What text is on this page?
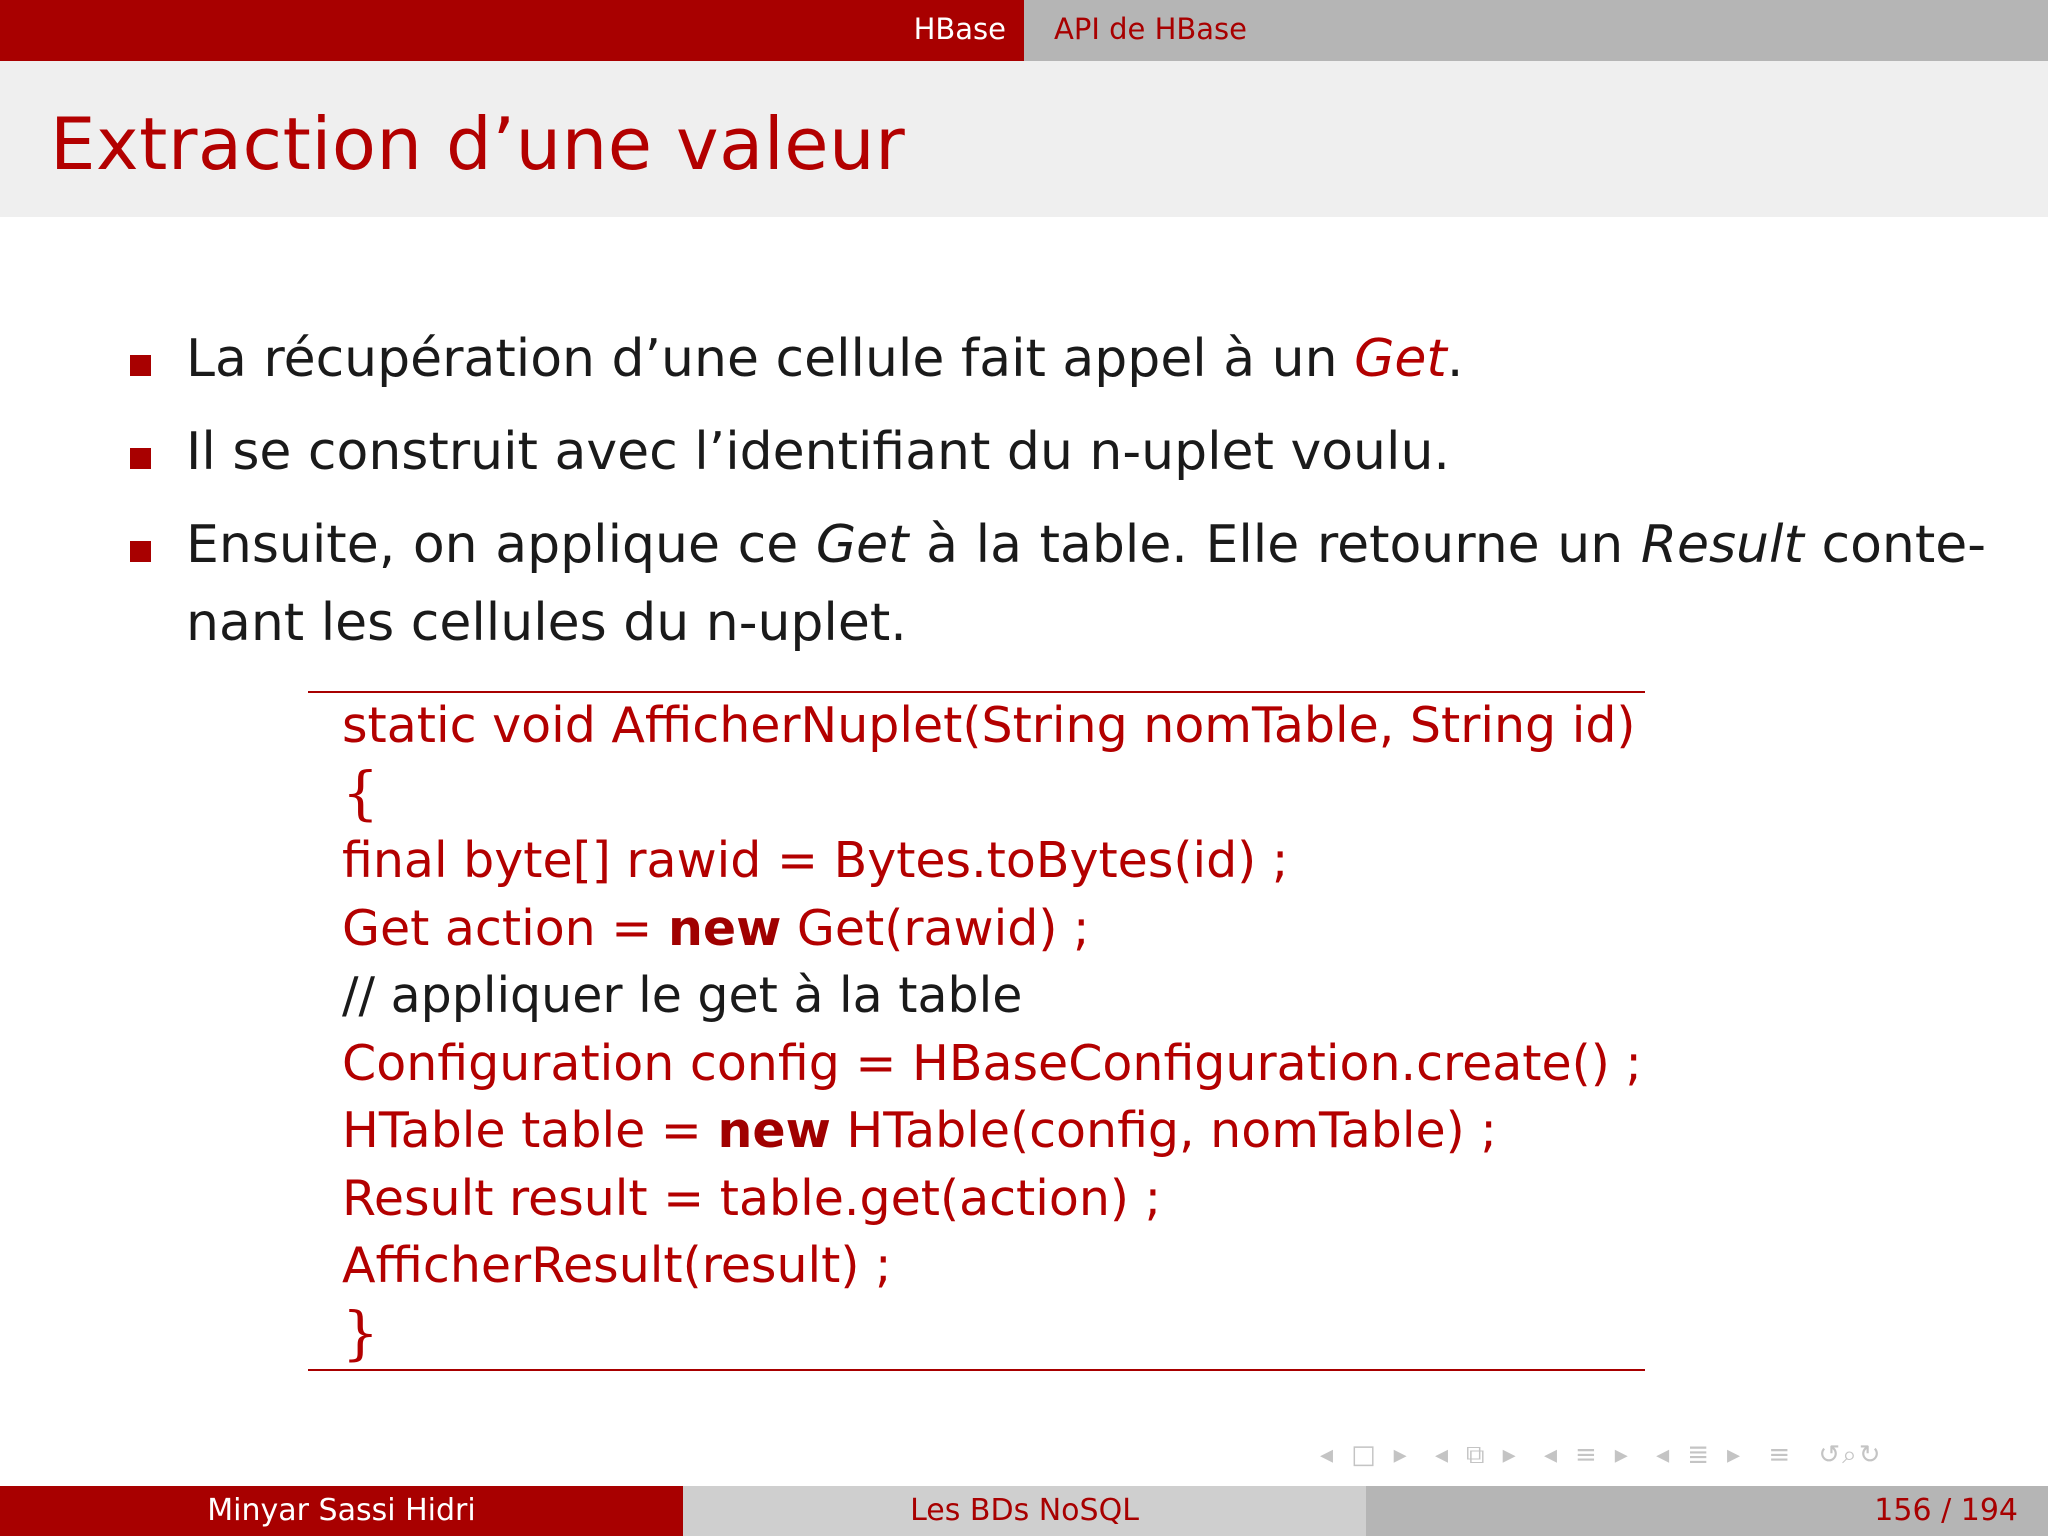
HBase API de HBase
Extraction d’une valeur
La récupération d’une cellule fait appel à un Get.
Il se construit avec l’identifiant du n-uplet voulu.
Ensuite, on applique ce Get à la table. Elle retourne un Result conte-
nant les cellules du n-uplet.
static void AfficherNuplet(String nomTable, String id)
{
final byte[] rawid = Bytes.toBytes(id) ;
Get action = new Get(rawid) ;
// appliquer le get à la table
Configuration config = HBaseConfiguration.create() ;
HTable table = new HTable(config, nomTable) ;
Result result = table.get(action) ;
AfficherResult(result) ;
}
◂ □ ▸ ◂ ⧉ ▸ ◂ ≡ ▸ ◂ ≣ ▸ ≡ ↺⌕↻
Minyar Sassi Hidri	Les BDs NoSQL	156 / 194
